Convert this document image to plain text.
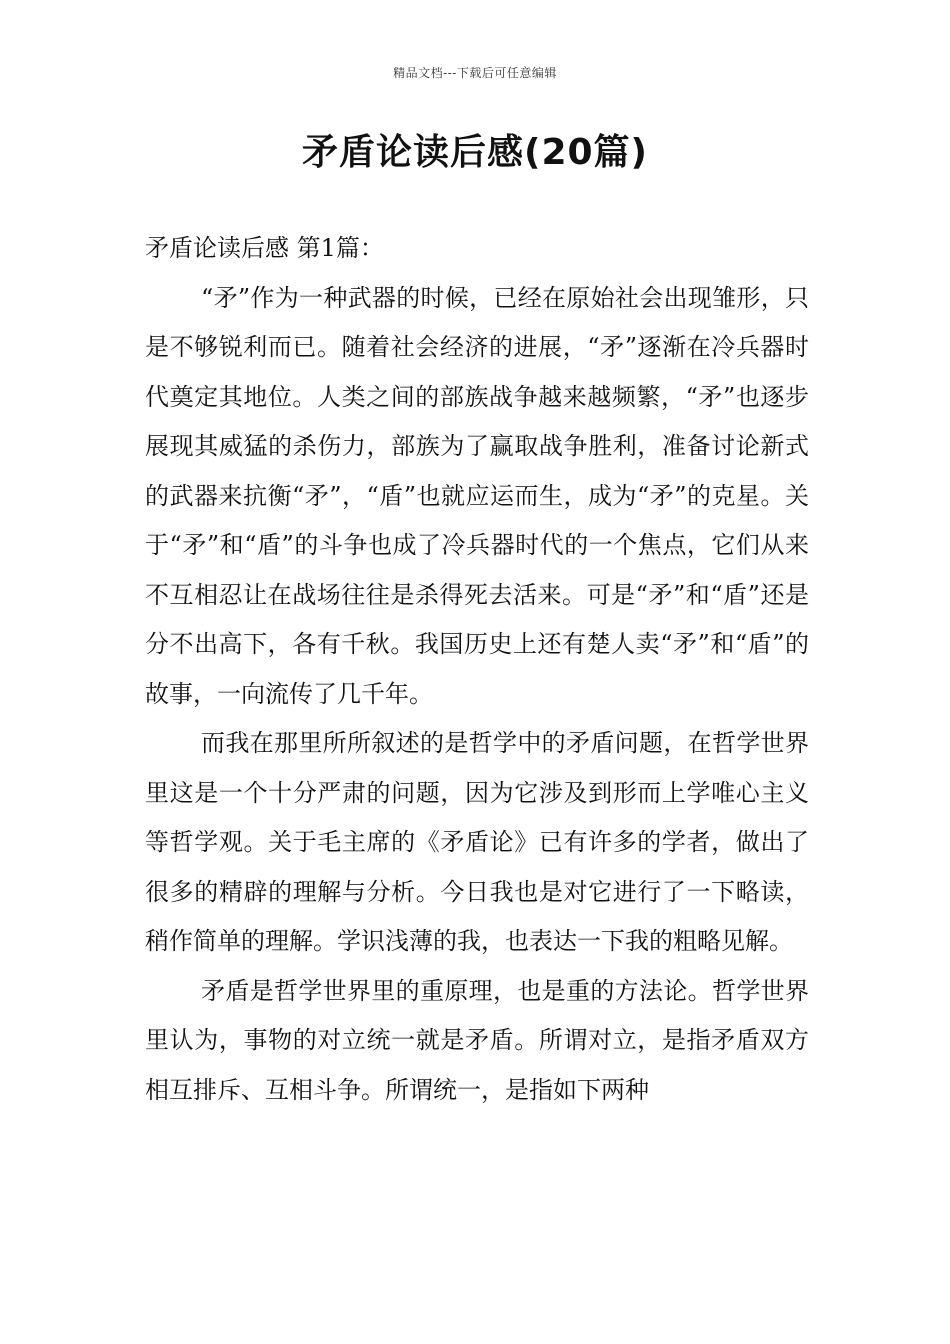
精品文档---下载后可任意编辑
矛盾论读后感(20篇)

矛盾论读后感 第1篇：

“矛”作为一种武器的时候，已经在原始社会出现雏形，只是不够锐利而已。随着社会经济的进展，“矛”逐渐在冷兵器时代奠定其地位。人类之间的部族战争越来越频繁，“矛”也逐步展现其威猛的杀伤力，部族为了赢取战争胜利，准备讨论新式的武器来抗衡“矛”，“盾”也就应运而生，成为“矛”的克星。关于“矛”和“盾”的斗争也成了冷兵器时代的一个焦点，它们从来不互相忍让在战场往往是杀得死去活来。可是“矛”和“盾”还是分不出高下，各有千秋。我国历史上还有楚人卖“矛”和“盾”的故事，一向流传了几千年。

而我在那里所所叙述的是哲学中的矛盾问题，在哲学世界里这是一个十分严肃的问题，因为它涉及到形而上学唯心主义等哲学观。关于毛主席的《矛盾论》已有许多的学者，做出了很多的精辟的理解与分析。今日我也是对它进行了一下略读，稍作简单的理解。学识浅薄的我，也表达一下我的粗略见解。

矛盾是哲学世界里的重原理，也是重的方法论。哲学世界里认为，事物的对立统一就是矛盾。所谓对立，是指矛盾双方相互排斥、互相斗争。所谓统一，是指如下两种
